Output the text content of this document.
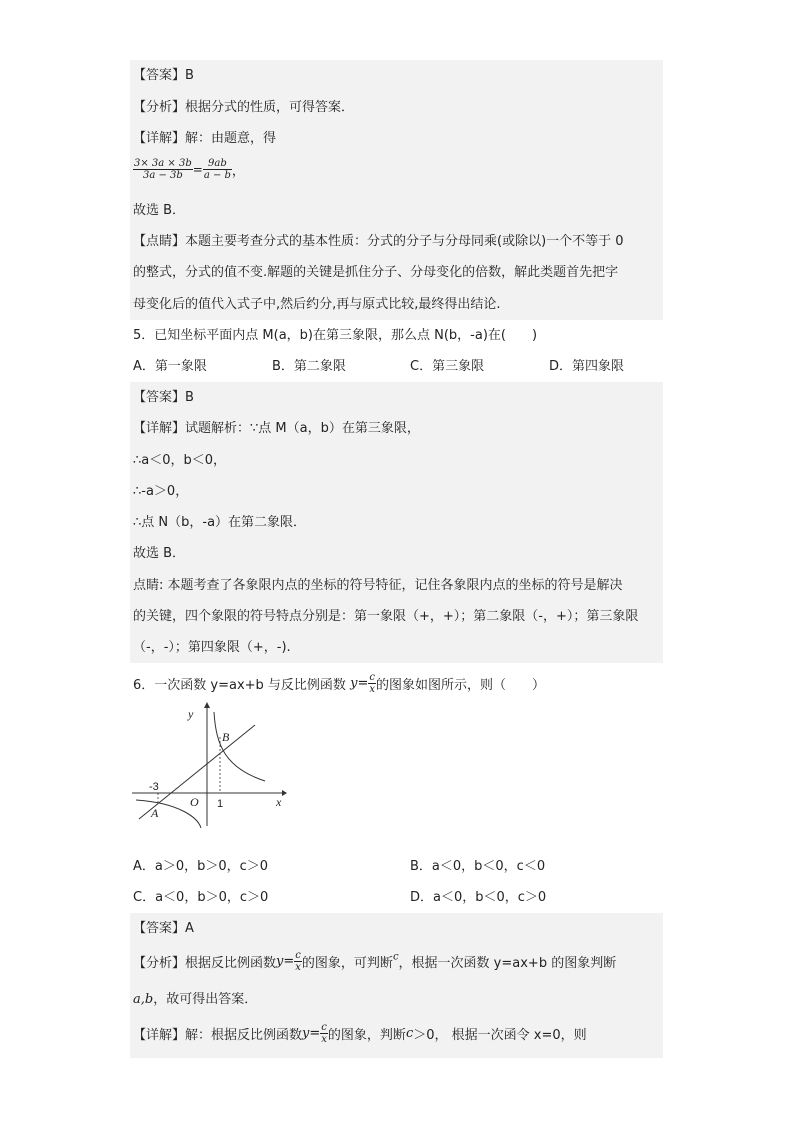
【答案】B
【分析】根据分式的性质，可得答案．
【详解】解：由题意，得
$\frac{3\times 3a \times 3b}{3a - 3b} = \frac{9ab}{a - b}$ ，
故选 B．
【点睛】本题主要考查分式的基本性质：分式的分子与分母同乘(或除以)一个不等于 0
的整式，分式的值不变.解题的关键是抓住分子、分母变化的倍数，解此类题首先把字
母变化后的值代入式子中,然后约分,再与原式比较,最终得出结论.
5．已知坐标平面内点 M(a，b)在第三象限，那么点 N(b，-a)在(　　)
A．第一象限	B．第二象限	C．第三象限	D．第四象限
【答案】B
【详解】试题解析：∵点 M（a，b）在第三象限，
∴a＜0，b＜0，
∴-a＞0，
∴点 N（b，-a）在第二象限．
故选 B．
点睛: 本题考查了各象限内点的坐标的符号特征，记住各象限内点的坐标的符号是解决
的关键，四个象限的符号特点分别是：第一象限（+，+）；第二象限（-，+）；第三象限
（-，-）；第四象限（+，-).
6．一次函数 y=ax+b 与反比例函数 $y= \frac{c}{x}$ 的图象如图所示，则（　　）
y
x
O
-3
1
A
B
A．a＞0，b＞0，c＞0	B．a＜0，b＜0，c＜0
C．a＜0，b＞0，c＞0	D．a＜0，b＜0，c＞0
【答案】A
【分析】根据反比例函数$y= \frac{c}{x}$ 的图象，可判断$^c$，根据一次函数 y=ax+b 的图象判断
a,b，故可得出答案．
【详解】解：根据反比例函数$y= \frac{c}{x}$ 的图象，判断c＞0， 根据一次函令 x=0，则
